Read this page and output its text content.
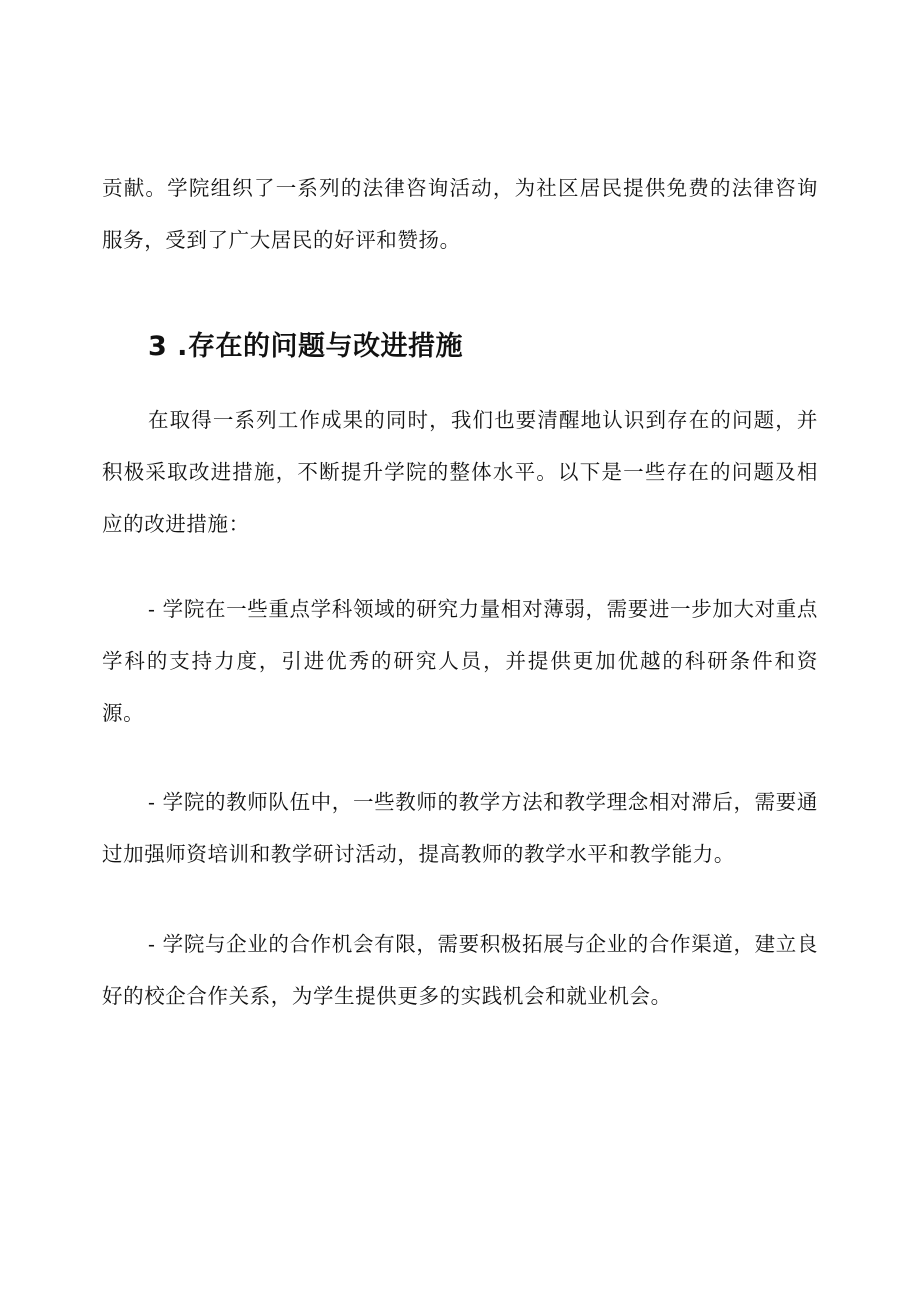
贡献。学院组织了一系列的法律咨询活动，为社区居民提供免费的法律咨询服务，受到了广大居民的好评和赞扬。

3 .存在的问题与改进措施

在取得一系列工作成果的同时，我们也要清醒地认识到存在的问题，并积极采取改进措施，不断提升学院的整体水平。以下是一些存在的问题及相应的改进措施：

- 学院在一些重点学科领域的研究力量相对薄弱，需要进一步加大对重点学科的支持力度，引进优秀的研究人员，并提供更加优越的科研条件和资源。

- 学院的教师队伍中，一些教师的教学方法和教学理念相对滞后，需要通过加强师资培训和教学研讨活动，提高教师的教学水平和教学能力。

- 学院与企业的合作机会有限，需要积极拓展与企业的合作渠道，建立良好的校企合作关系，为学生提供更多的实践机会和就业机会。
